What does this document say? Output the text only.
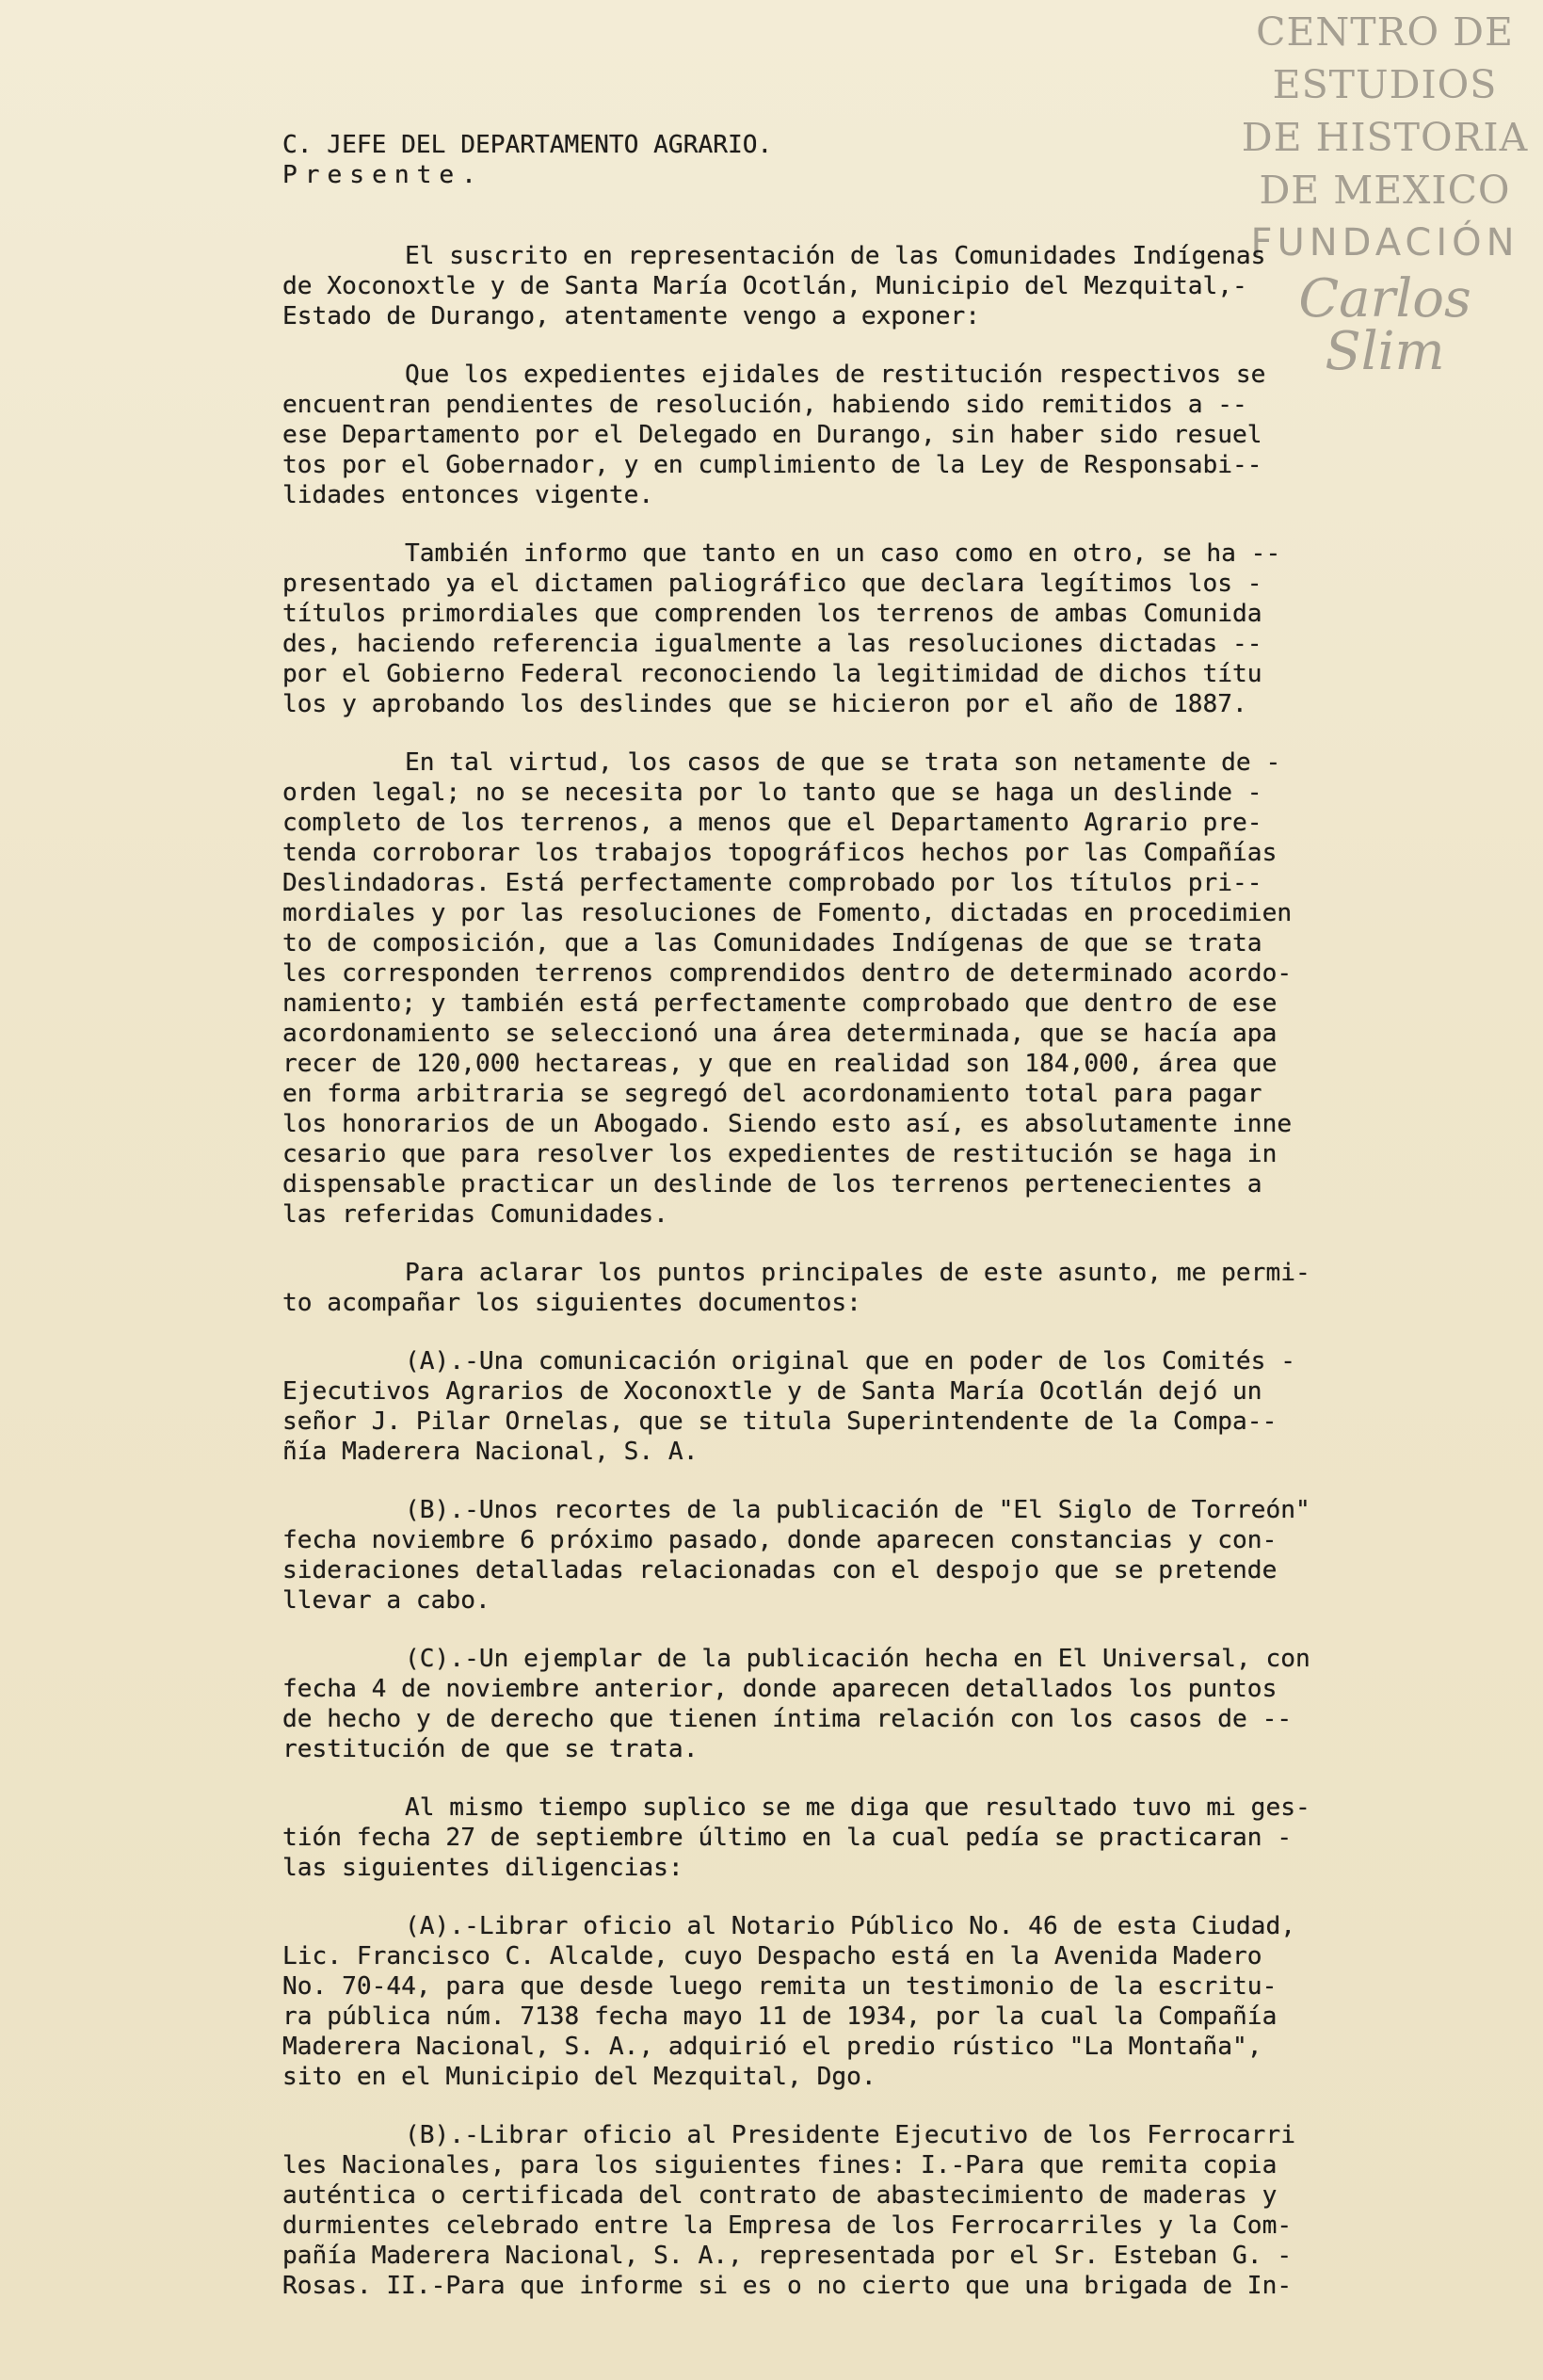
CENTRO DE
ESTUDIOS
DE HISTORIA
DE MEXICO
FUNDACIÓN
Carlos Slim

C. JEFE DEL DEPARTAMENTO AGRARIO.

Presente.

El suscrito en representación de las Comunidades Indígenas

de Xoconoxtle y de Santa María Ocotlán, Municipio del Mezquital,-

Estado de Durango, atentamente vengo a exponer:

Que los expedientes ejidales de restitución respectivos se

encuentran pendientes de resolución, habiendo sido remitidos a --

ese Departamento por el Delegado en Durango, sin haber sido resuel

tos por el Gobernador, y en cumplimiento de la Ley de Responsabi--

lidades entonces vigente.

También informo que tanto en un caso como en otro, se ha --

presentado ya el dictamen paliográfico que declara legítimos los -

títulos primordiales que comprenden los terrenos de ambas Comunida

des, haciendo referencia igualmente a las resoluciones dictadas --

por el Gobierno Federal reconociendo la legitimidad de dichos títu

los y aprobando los deslindes que se hicieron por el año de 1887.

En tal virtud, los casos de que se trata son netamente de -

orden legal; no se necesita por lo tanto que se haga un deslinde -

completo de los terrenos, a menos que el Departamento Agrario pre-

tenda corroborar los trabajos topográficos hechos por las Compañías

Deslindadoras. Está perfectamente comprobado por los títulos pri--

mordiales y por las resoluciones de Fomento, dictadas en procedimien

to de composición, que a las Comunidades Indígenas de que se trata

les corresponden terrenos comprendidos dentro de determinado acordo-

namiento; y también está perfectamente comprobado que dentro de ese

acordonamiento se seleccionó una área determinada, que se hacía apa

recer de 120,000 hectareas, y que en realidad son 184,000, área que

en forma arbitraria se segregó del acordonamiento total para pagar

los honorarios de un Abogado. Siendo esto así, es absolutamente inne

cesario que para resolver los expedientes de restitución se haga in

dispensable practicar un deslinde de los terrenos pertenecientes a

las referidas Comunidades.

Para aclarar los puntos principales de este asunto, me permi-

to acompañar los siguientes documentos:

(A).-Una comunicación original que en poder de los Comités -

Ejecutivos Agrarios de Xoconoxtle y de Santa María Ocotlán dejó un

señor J. Pilar Ornelas, que se titula Superintendente de la Compa--

ñía Maderera Nacional, S. A.

(B).-Unos recortes de la publicación de "El Siglo de Torreón"

fecha noviembre 6 próximo pasado, donde aparecen constancias y con-

sideraciones detalladas relacionadas con el despojo que se pretende

llevar a cabo.

(C).-Un ejemplar de la publicación hecha en El Universal, con

fecha 4 de noviembre anterior, donde aparecen detallados los puntos

de hecho y de derecho que tienen íntima relación con los casos de --

restitución de que se trata.

Al mismo tiempo suplico se me diga que resultado tuvo mi ges-

tión fecha 27 de septiembre último en la cual pedía se practicaran -

las siguientes diligencias:

(A).-Librar oficio al Notario Público No. 46 de esta Ciudad,

Lic. Francisco C. Alcalde, cuyo Despacho está en la Avenida Madero

No. 70-44, para que desde luego remita un testimonio de la escritu-

ra pública núm. 7138 fecha mayo 11 de 1934, por la cual la Compañía

Maderera Nacional, S. A., adquirió el predio rústico "La Montaña",

sito en el Municipio del Mezquital, Dgo.

(B).-Librar oficio al Presidente Ejecutivo de los Ferrocarri

les Nacionales, para los siguientes fines: I.-Para que remita copia

auténtica o certificada del contrato de abastecimiento de maderas y

durmientes celebrado entre la Empresa de los Ferrocarriles y la Com-

pañía Maderera Nacional, S. A., representada por el Sr. Esteban G. -

Rosas. II.-Para que informe si es o no cierto que una brigada de In-
